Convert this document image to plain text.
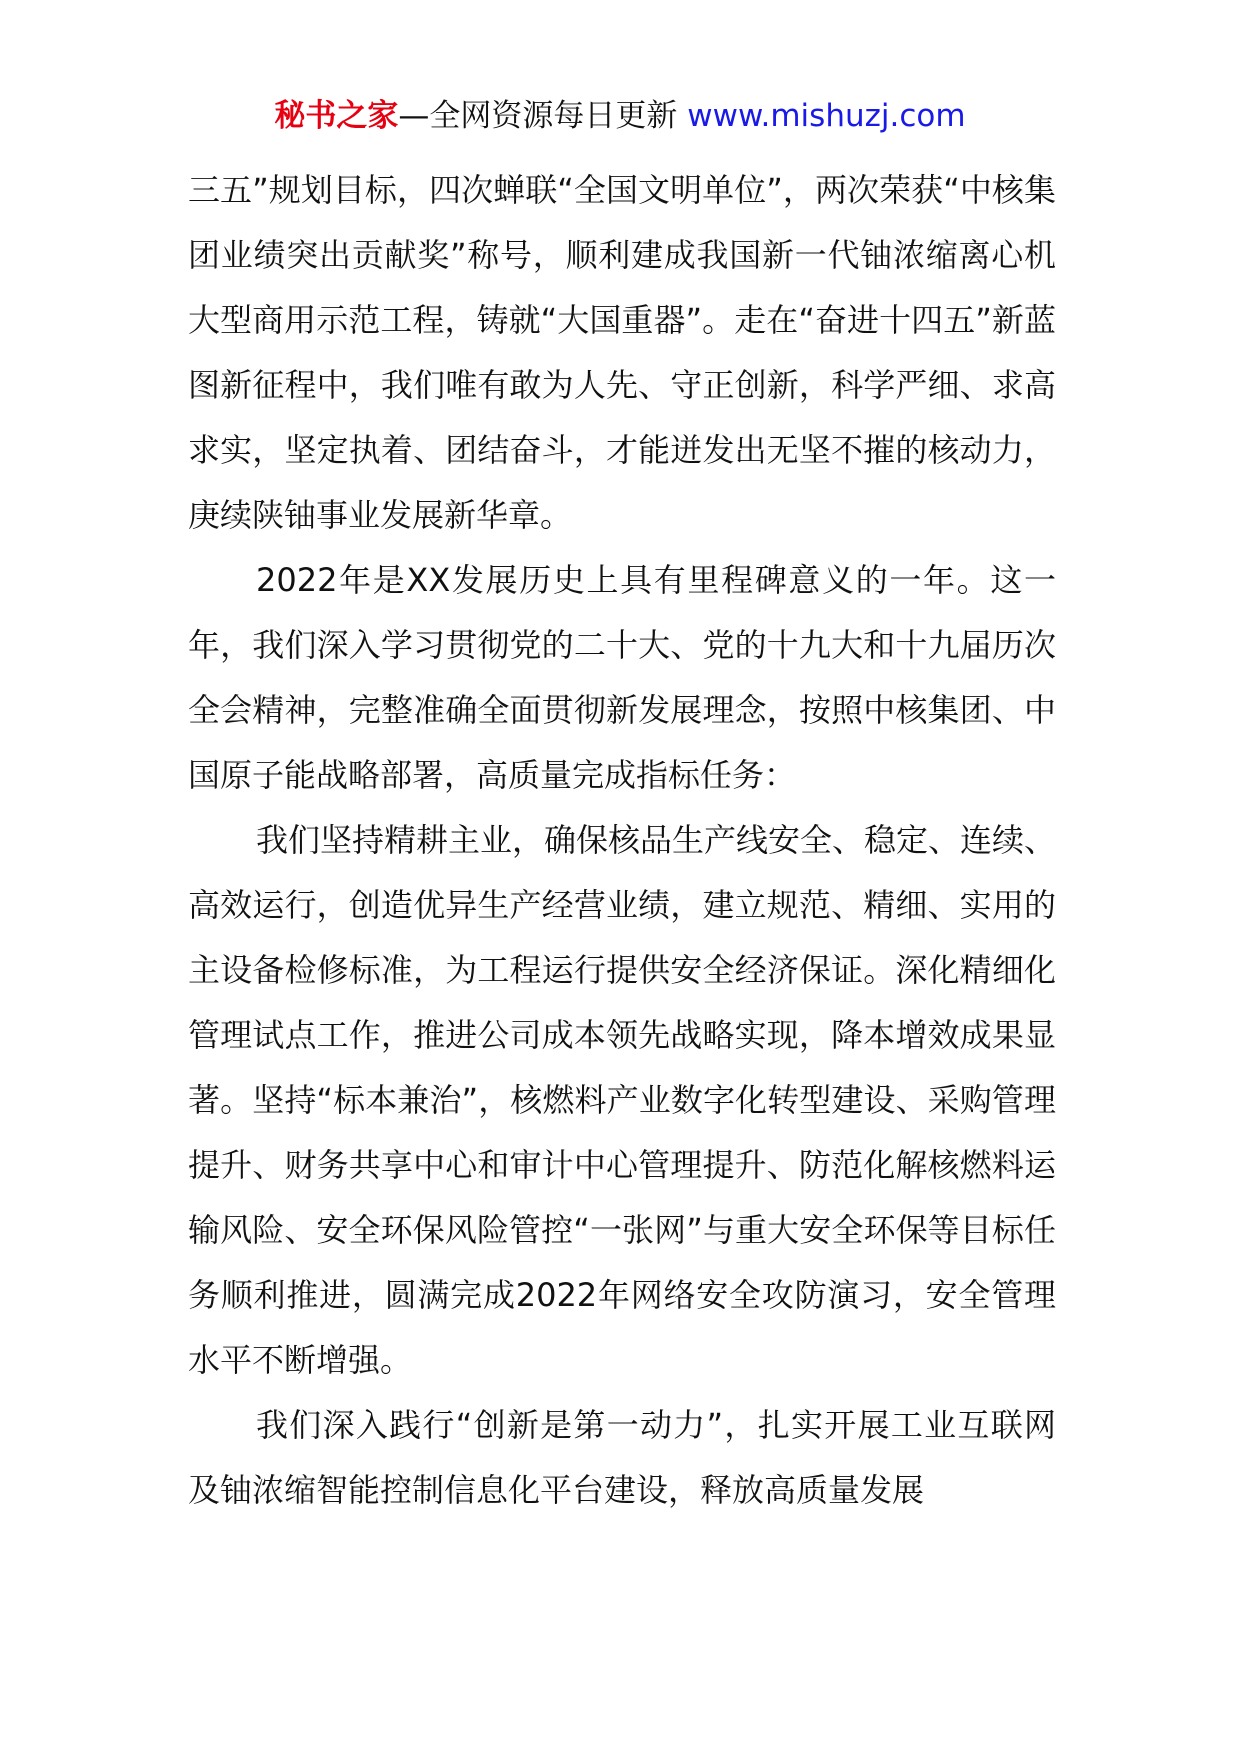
秘书之家—全网资源每日更新 www.mishuzj.com

三五”规划目标，四次蝉联“全国文明单位”，两次荣获“中核集团业绩突出贡献奖”称号，顺利建成我国新一代铀浓缩离心机大型商用示范工程，铸就“大国重器”。走在“奋进十四五”新蓝图新征程中，我们唯有敢为人先、守正创新，科学严细、求高求实，坚定执着、团结奋斗，才能迸发出无坚不摧的核动力，庚续陕铀事业发展新华章。

2022年是XX发展历史上具有里程碑意义的一年。这一年，我们深入学习贯彻党的二十大、党的十九大和十九届历次全会精神，完整准确全面贯彻新发展理念，按照中核集团、中国原子能战略部署，高质量完成指标任务：

我们坚持精耕主业，确保核品生产线安全、稳定、连续、高效运行，创造优异生产经营业绩，建立规范、精细、实用的主设备检修标准，为工程运行提供安全经济保证。深化精细化管理试点工作，推进公司成本领先战略实现，降本增效成果显著。坚持“标本兼治”，核燃料产业数字化转型建设、采购管理提升、财务共享中心和审计中心管理提升、防范化解核燃料运输风险、安全环保风险管控“一张网”与重大安全环保等目标任务顺利推进，圆满完成2022年网络安全攻防演习，安全管理水平不断增强。

我们深入践行“创新是第一动力”，扎实开展工业互联网及铀浓缩智能控制信息化平台建设，释放高质量发展
